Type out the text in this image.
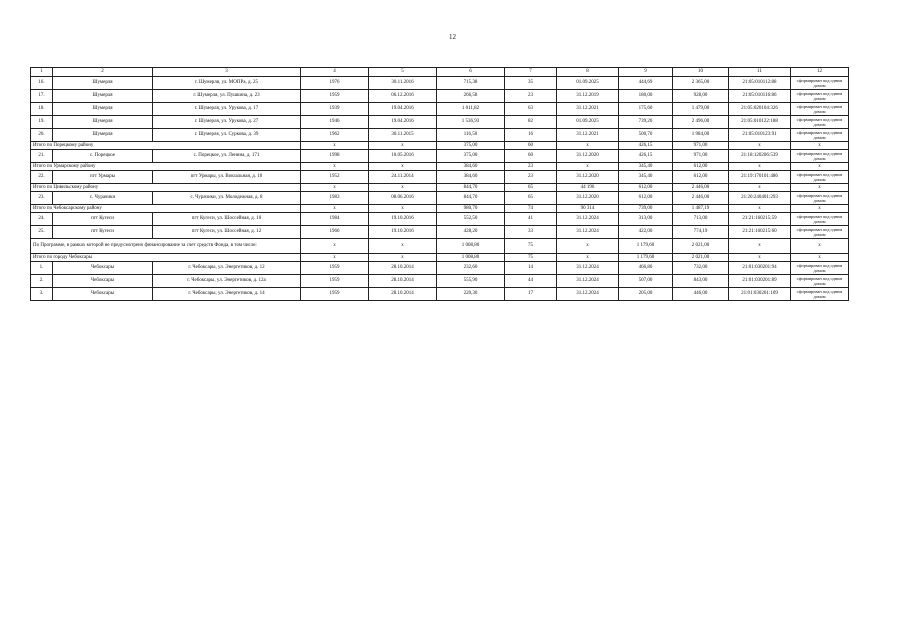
12
1	2	3	4	5	6	7	8	9	10	11	12
16.	Шумерля	г. Шумерля, ул. МОПРа, д. 25	1976	30.11.2016	715,38	35	01.09.2025	444,69	2 365,00	21:05:010112:88	сформирован под одним домом
17.	Шумерля	г. Шумерля, ул. Пушкина, д. 23	1959	06.12.2016	266,58	23	31.12.2019	180,00	928,00	21:05:010116:86	сформирован под одним домом
18.	Шумерля	г. Шумерля, ул. Урукова, д. 17	1939	19.04.2016	1 011,82	63	31.12.2021	175,60	1 479,00	21:05:020104:326	сформирован под одним домом
19.	Шумерля	г. Шумерля, ул. Урукова, д. 27	1946	19.04.2016	1 536,93	82	01.09.2025	739,20	2 496,00	21:05:010122:188	сформирован под одним домом
20.	Шумерля	г. Шумерля, ул. Суркова, д. 39	1962	30.11.2015	116,50	16	31.12.2021	500,70	1 984,00	21:05:010123:91	сформирован под одним домом
Итого по Порецкому району			х	х	375,00	60	х	426,15	971,00	х	х
21.	с. Порецкое	с. Порецкое, ул. Ленина, д. 171	1998	10.05.2016	375,00	60	31.12.2020	426,15	971,00	21:18:120206:539	сформирован под одним домом
Итого по Урмарскому району			х	х	384,60	23	х	345,40	612,00	х	х
22.	пгт Урмары	пгт Урмары, ул. Вокзальная, д. 10	1952	24.11.2014	384,60	23	31.12.2020	345,40	612,00	21:19:170101:486	сформирован под одним домом
Итого по Цивильскому району			х	х	844,70	65	44 196	612,00	2 446,00	х	х
23.	с. Чурачики	с. Чурачики, ул. Молодежная, д. 8	1983	08.06.2016	844,70	65	31.12.2020	612,00	2 446,00	21:20:240401:293	сформирован под одним домом
Итого по Чебоксарскому району			х	х	980,70	74	90 314	739,00	1 487,19	х	х
24.	пгт Кугеси	пгт Кугеси, ул. Шоссейная, д. 10	1984	19.10.2016	552,50	41	31.12.2024	313,00	713,00	21:21:160215:59	сформирован под одним домом
25.	пгт Кугеси	пгт Кугеси, ул. Шоссейная, д. 12	1966	19.10.2016	428,20	33	31.12.2024	422,00	774,19	21:21:160215:60	сформирован под одним домом
По Программе, в рамках которой не предусмотрено финансирование за счет средств Фонда, в том числе:			х	х	1 008,80	75	х	1 179,60	2 021,00	х	х
Итого по городу Чебоксары			х	х	1 008,80	75	х	1 179,60	2 021,00	х	х
1.	Чебоксары	г. Чебоксары, ул. Энергетиков, д. 12	1959	28.10.2014	232,60	14	31.12.2024	466,80	732,00	21:01:030201:94	сформирован под одним домом
2.	Чебоксары	г. Чебоксары, ул. Энергетиков, д. 12а	1959	28.10.2014	555,90	44	31.12.2024	507,00	843,00	21:01:030201:89	сформирован под одним домом
3.	Чебоксары	г. Чебоксары, ул. Энергетиков, д. 14	1959	28.10.2014	220,30	17	31.12.2024	205,00	446,00	21:01:030201:109	сформирован под одним домом
